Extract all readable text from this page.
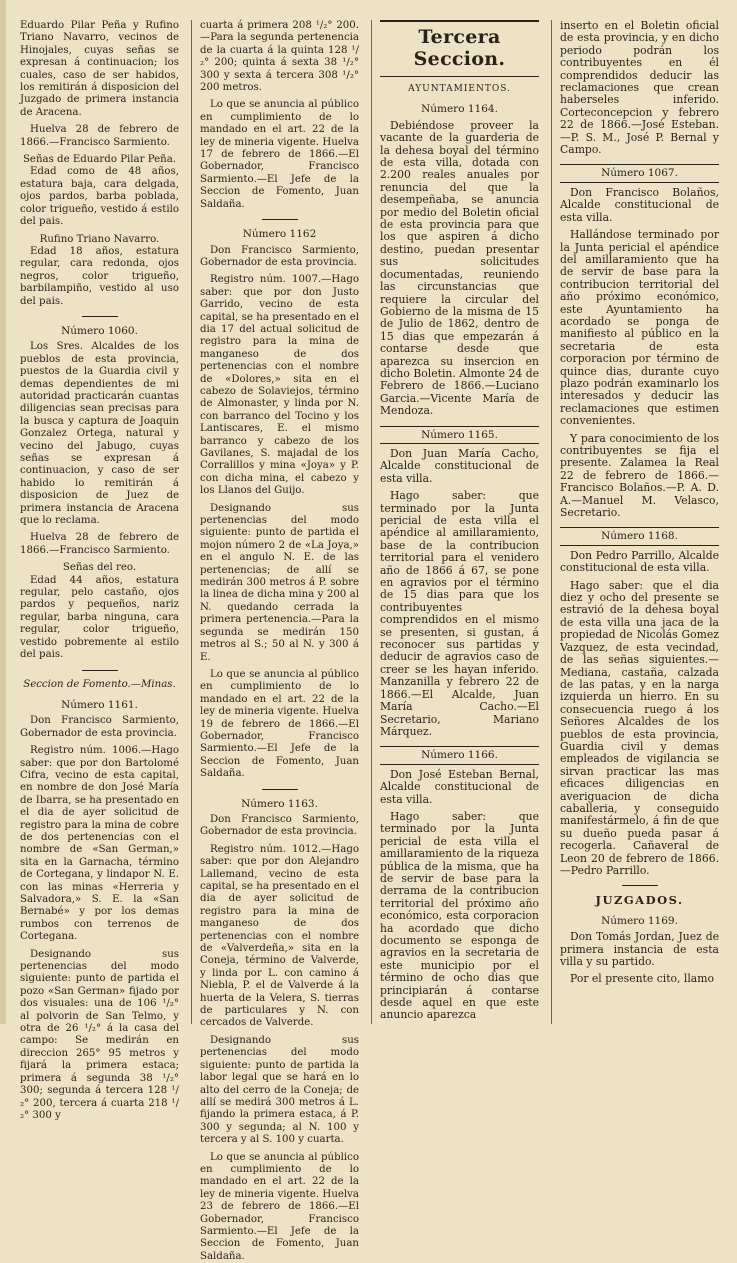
Eduardo Pilar Peña y Rufino Triano Navarro, vecinos de Hinojales, cuyas señas se expresan á continuacion; los cuales, caso de ser habidos, los remitirán á disposicion del Juzgado de primera instancia de Aracena.

Huelva 28 de febrero de 1866.—Francisco Sarmiento.

Señas de Eduardo Pilar Peña.

Edad como de 48 años, estatura baja, cara delgada, ojos pardos, barba poblada, color trigueño, vestido á estilo del pais.

Rufino Triano Navarro.

Edad 18 años, estatura regular, cara redonda, ojos negros, color trigueño, barbilampiño, vestido al uso del pais.

Número 1060.

Los Sres. Alcaldes de los pueblos de esta provincia, puestos de la Guardia civil y demas dependientes de mi autoridad practicarán cuantas diligencias sean precisas para la busca y captura de Joaquin Gonzalez Ortega, natural y vecino del Jabugo, cuyas señas se expresan á continuacion, y caso de ser habido lo remitirán á disposicion de Juez de primera instancia de Aracena que lo reclama.

Huelva 28 de febrero de 1866.—Francisco Sarmiento.

Señas del reo.

Edad 44 años, estatura regular, pelo castaño, ojos pardos y pequeños, nariz regular, barba ninguna, cara regular, color trigueño, vestido pobremente al estilo del pais.

Seccion de Fomento.—Minas.
Número 1161.

Don Francisco Sarmiento, Gobernador de esta provincia.

Registro núm. 1006.—Hago saber: que por don Bartolomé Cifra, vecino de esta capital, en nombre de don José María de Ibarra, se ha presentado en el dia de ayer solicitud de registro para la mina de cobre de dos pertenencias con el nombre de «San German,» sita en la Garnacha, término de Cortegana, y lindapor N. E. con las minas «Herreria y Salvadora,» S. E. la «San Bernabé» y por los demas rumbos con terrenos de Cortegana.

Designando sus pertenencias del modo siguiente: punto de partida el pozo «San German» fijado por dos visuales: una de 106 ¹/₂° al polvorin de San Telmo, y otra de 26 ¹/₂° á la casa del campo: Se medirán en direccion 265° 95 metros y fijará la primera estaca; primera á segunda 38 ¹/₂° 300; segunda á tercera 128 ¹/₂° 200, tercera á cuarta 218 ¹/₂° 300 y

cuarta á primera 208 ¹/₂° 200.—Para la segunda pertenencia de la cuarta á la quinta 128 ¹/₂° 200; quinta á sexta 38 ¹/₂° 300 y sexta á tercera 308 ¹/₂° 200 metros.

Lo que se anuncia al público en cumplimiento de lo mandado en el art. 22 de la ley de mineria vigente. Huelva 17 de febrero de 1866.—El Gobernador, Francisco Sarmiento.—El Jefe de la Seccion de Fomento, Juan Saldaña.

Número 1162

Don Francisco Sarmiento, Gobernador de esta provincia.

Registro núm. 1007.—Hago saber: que por don Justo Garrido, vecino de esta capital, se ha presentado en el dia 17 del actual solicitud de registro para la mina de manganeso de dos pertenencias con el nombre de «Dolores,» sita en el cabezo de Solaviejos, término de Almonaster, y linda por N. con barranco del Tocino y los Lantiscares, E. el mismo barranco y cabezo de los Gavilanes, S. majadal de los Corralillos y mina «Joya» y P. con dicha mina, el cabezo y los Llanos del Guijo.

Designando sus pertenencias del modo siguiente: punto de partida el mojon número 2 de «La Joya,» en el angulo N. E. de las pertenencias; de allí se medirán 300 metros á P. sobre la linea de dicha mina y 200 al N. quedando cerrada la primera pertenencia.—Para la segunda se medirán 150 metros al S.; 50 al N. y 300 á E.

Lo que se anuncia al público en cumplimiento de lo mandado en el art. 22 de la ley de mineria vigente. Huelva 19 de febrero de 1866.—El Gobernador, Francisco Sarmiento.—El Jefe de la Seccion de Fomento, Juan Saldaña.

Número 1163.

Don Francisco Sarmiento, Gobernador de esta provincia.

Registro núm. 1012.—Hago saber: que por don Alejandro Lallemand, vecino de esta capital, se ha presentado en el dia de ayer solicitud de registro para la mina de manganeso de dos pertenencias con el nombre de «Valverdeña,» sita en la Coneja, término de Valverde, y linda por L. con camino á Niebla, P. el de Valverde á la huerta de la Velera, S. tierras de particulares y N. con cercados de Valverde.

Designando sus pertenencias del modo siguiente: punto de partida la labor legal que se hará en lo alto del cerro de la Coneja; de allí se medirá 300 metros á L. fijando la primera estaca, á P. 300 y segunda; al N. 100 y tercera y al S. 100 y cuarta.

Lo que se anuncia al público en cumplimiento de lo mandado en el art. 22 de la ley de mineria vigente. Huelva 23 de febrero de 1866.—El Gobernador, Francisco Sarmiento.—El Jefe de la Seccion de Fomento, Juan Saldaña.

Tercera Seccion.
AYUNTAMIENTOS.
Número 1164.

Debiéndose proveer la vacante de la guarderia de la dehesa boyal del término de esta villa, dotada con 2.200 reales anuales por renuncia del que la desempeñaba, se anuncia por medio del Boletin oficial de esta provincia para que los que aspiren á dicho destino, puedan presentar sus solicitudes documentadas, reuniendo las circunstancias que requiere la circular del Gobierno de la misma de 15 de Julio de 1862, dentro de 15 dias que empezarán á contarse desde que aparezca su insercion en dicho Boletin. Almonte 24 de Febrero de 1866.—Luciano Garcia.—Vicente María de Mendoza.

Número 1165.

Don Juan María Cacho, Alcalde constitucional de esta villa.

Hago saber: que terminado por la Junta pericial de esta villa el apéndice al amillaramiento, base de la contribucion territorial para el venidero año de 1866 á 67, se pone en agravios por el término de 15 dias para que los contribuyentes comprendidos en el mismo se presenten, si gustan, á reconocer sus partidas y deducir de agravios caso de creer se les hayan inferido. Manzanilla y febrero 22 de 1866.—El Alcalde, Juan María Cacho.—El Secretario, Mariano Márquez.

Número 1166.

Don José Esteban Bernal, Alcalde constitucional de esta villa.

Hago saber: que terminado por la Junta pericial de esta villa el amillaramiento de la riqueza pública de la misma, que ha de servir de base para la derrama de la contribucion territorial del próximo año económico, esta corporacion ha acordado que dicho documento se esponga de agravios en la secretaria de este municipio por el término de ocho dias que principiarán á contarse desde aquel en que este anuncio aparezca

inserto en el Boletin oficial de esta provincia, y en dicho periodo podrán los contribuyentes en él comprendidos deducir las reclamaciones que crean haberseles inferido. Corteconcepcion y febrero 22 de 1866.—José Esteban.—P. S. M., José P. Bernal y Campo.

Número 1067.

Don Francisco Bolaños, Alcalde constitucional de esta villa.

Hallándose terminado por la Junta pericial el apéndice del amillaramiento que ha de servir de base para la contribucion territorial del año próximo económico, este Ayuntamiento ha acordado se ponga de manifiesto al público en la secretaria de esta corporacion por término de quince dias, durante cuyo plazo podrán examinarlo los interesados y deducir las reclamaciones que estimen convenientes.

Y para conocimiento de los contribuyentes se fija el presente. Zalamea la Real 22 de febrero de 1866.—Francisco Bolaños.—P. A. D. A.—Manuel M. Velasco, Secretario.

Número 1168.

Don Pedro Parrillo, Alcalde constitucional de esta villa.

Hago saber: que el dia diez y ocho del presente se estravió de la dehesa boyal de esta villa una jaca de la propiedad de Nicolás Gomez Vazquez, de esta vecindad, de las señas siguientes.—Mediana, castaña, calzada de las patas, y en la narga izquierda un hierro. En su consecuencia ruego á los Señores Alcaldes de los pueblos de esta provincia, Guardia civil y demas empleados de vigilancia se sirvan practicar las mas eficaces diligencias en averiguacion de dicha caballeria, y conseguido manifestármelo, á fin de que su dueño pueda pasar á recogerla. Cañaveral de Leon 20 de febrero de 1866.—Pedro Parrillo.

JUZGADOS.
Número 1169.

Don Tomás Jordan, Juez de primera instancia de esta villa y su partido.

Por el presente cito, llamo
